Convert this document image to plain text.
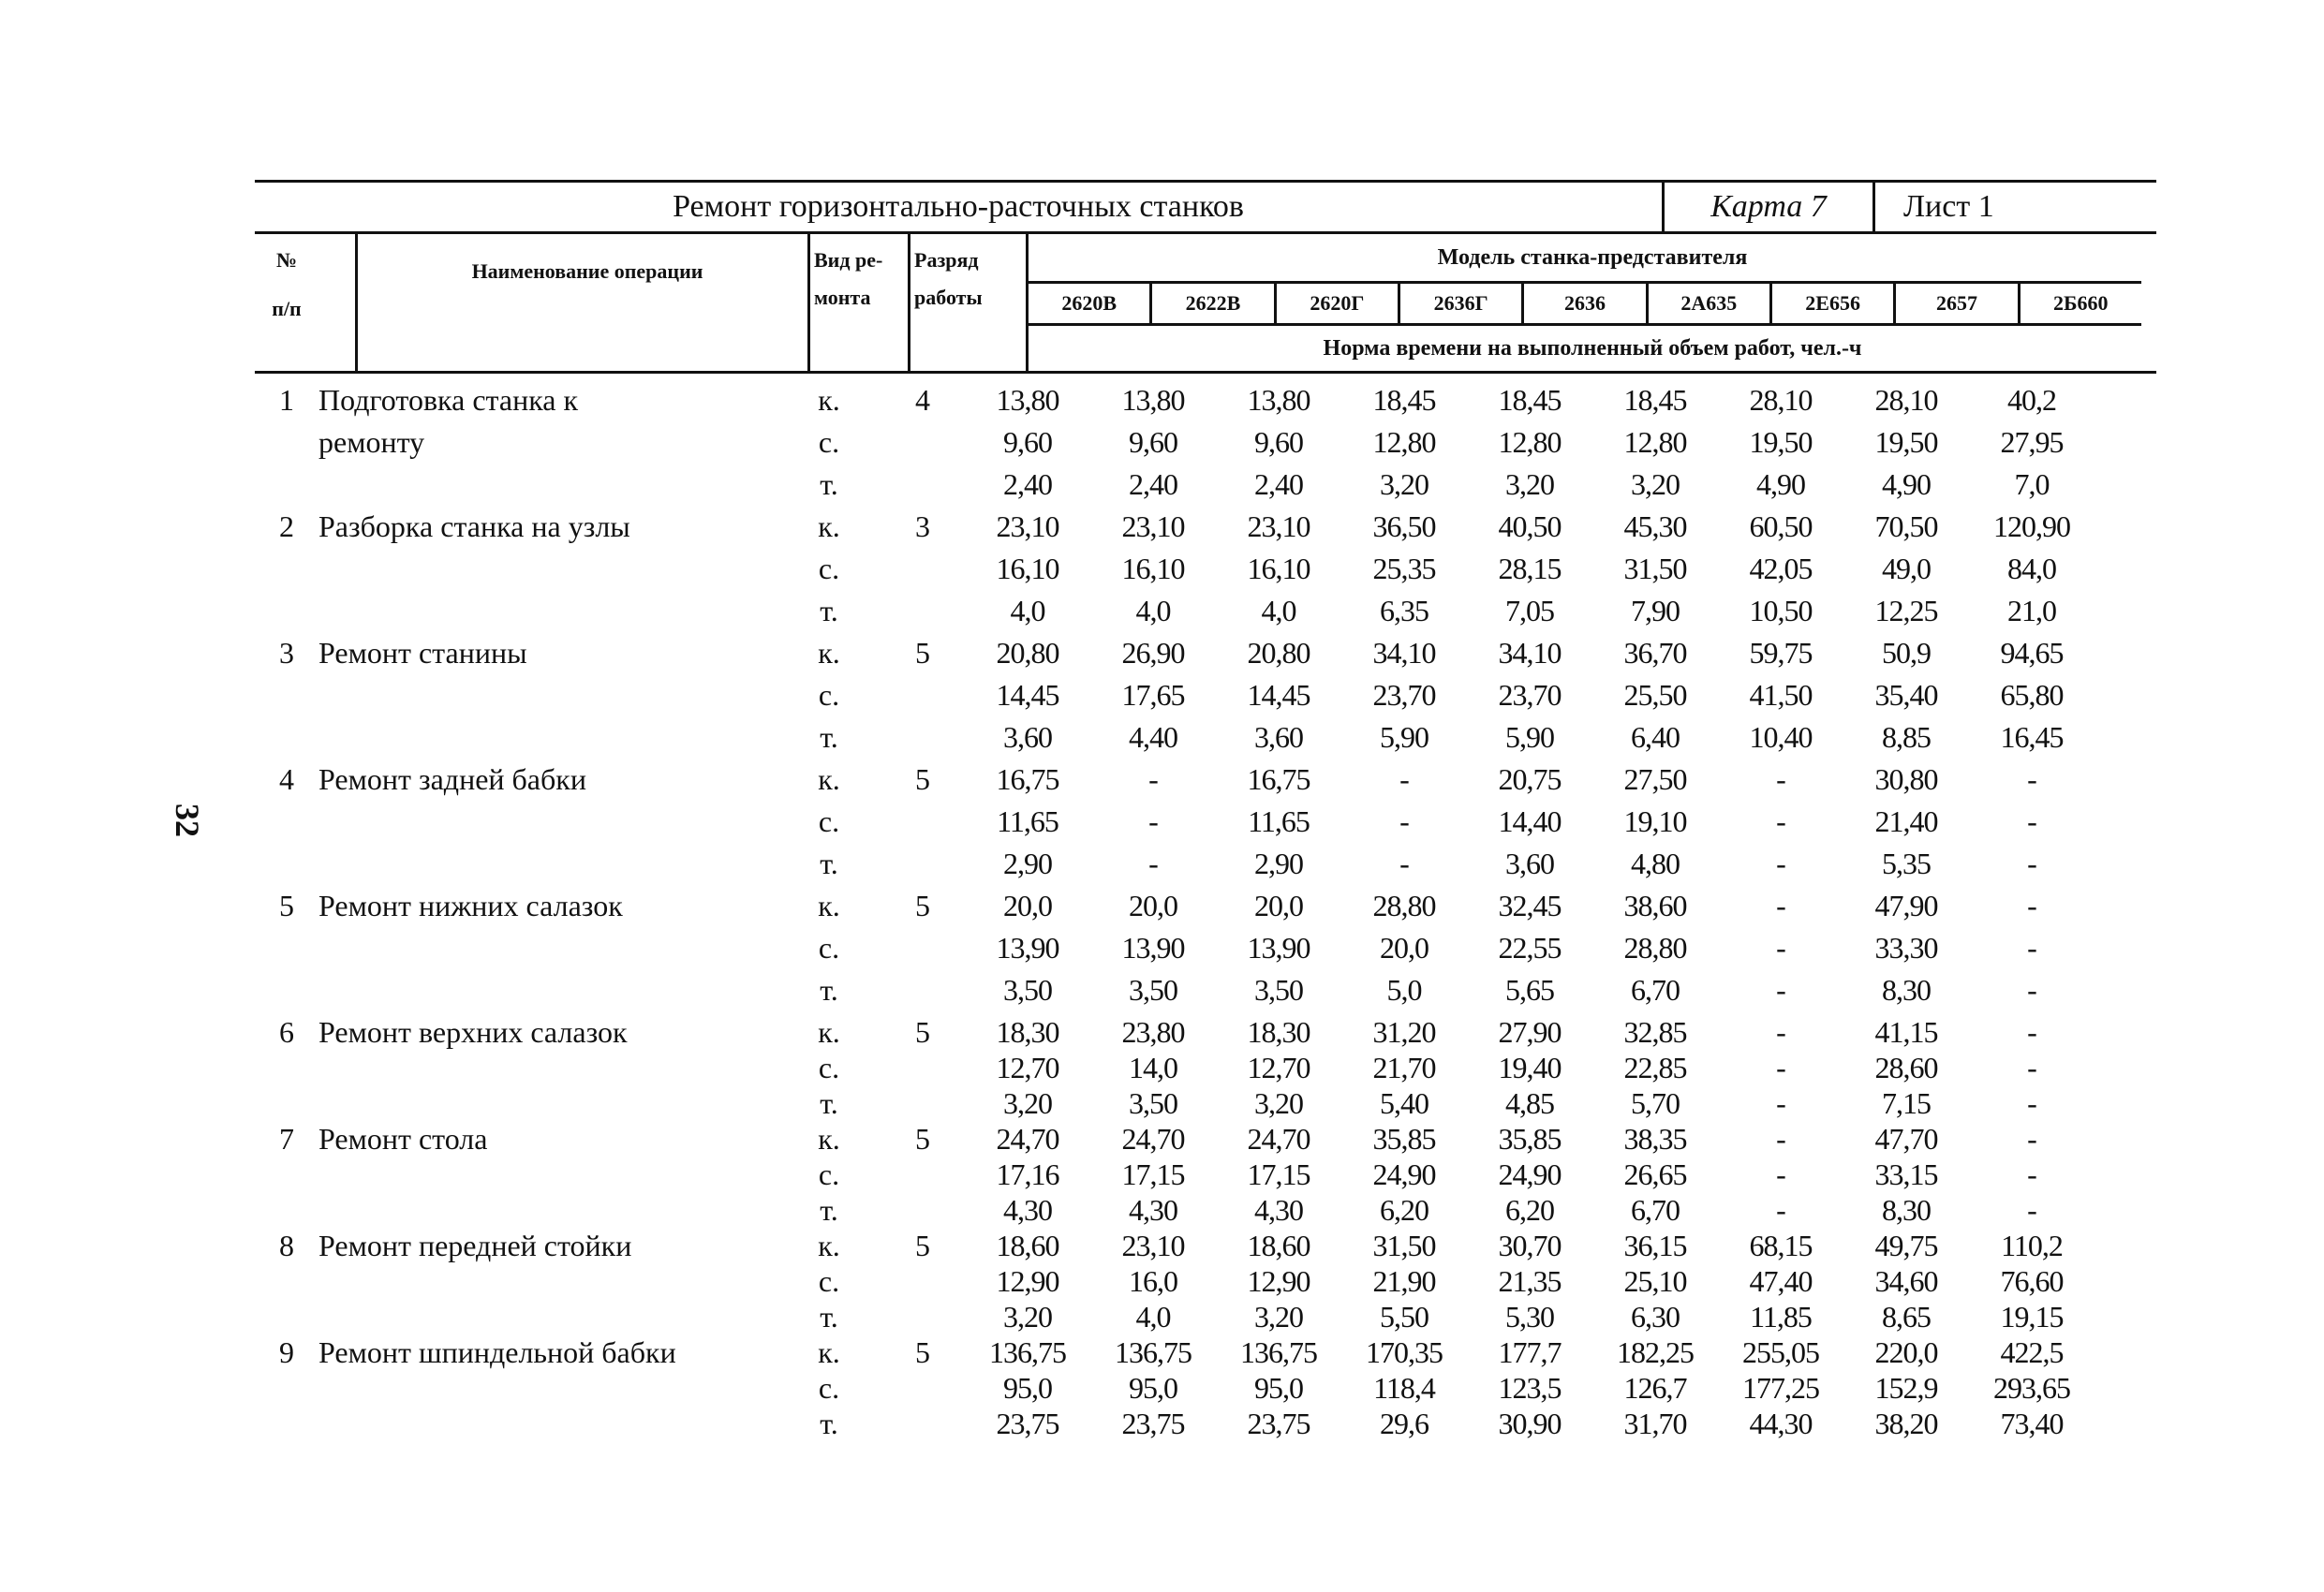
32
Ремонт горизонтально-расточных станков	Карта 7	Лист 1
№
п/п
Наименование операции	Вид ре-
монта
Разряд
работы
Модель станка-представителя
2620В	2622В	2620Г	2636Г	2636	2А635	2Е656	2657	2Б660
Норма времени на выполненный объем работ, чел.-ч
1	Подготовка станка к	к.	4	13,80	13,80	13,80	18,45	18,45	18,45	28,10	28,10	40,2
	ремонту	с.		9,60	9,60	9,60	12,80	12,80	12,80	19,50	19,50	27,95
		т.		2,40	2,40	2,40	3,20	3,20	3,20	4,90	4,90	7,0
2	Разборка станка на узлы	к.	3	23,10	23,10	23,10	36,50	40,50	45,30	60,50	70,50	120,90
		с.		16,10	16,10	16,10	25,35	28,15	31,50	42,05	49,0	84,0
		т.		4,0	4,0	4,0	6,35	7,05	7,90	10,50	12,25	21,0
3	Ремонт станины	к.	5	20,80	26,90	20,80	34,10	34,10	36,70	59,75	50,9	94,65
		с.		14,45	17,65	14,45	23,70	23,70	25,50	41,50	35,40	65,80
		т.		3,60	4,40	3,60	5,90	5,90	6,40	10,40	8,85	16,45
4	Ремонт задней бабки	к.	5	16,75	-	16,75	-	20,75	27,50	-	30,80	-
		с.		11,65	-	11,65	-	14,40	19,10	-	21,40	-
		т.		2,90	-	2,90	-	3,60	4,80	-	5,35	-
5	Ремонт нижних салазок	к.	5	20,0	20,0	20,0	28,80	32,45	38,60	-	47,90	-
		с.		13,90	13,90	13,90	20,0	22,55	28,80	-	33,30	-
		т.		3,50	3,50	3,50	5,0	5,65	6,70	-	8,30	-
6	Ремонт верхних салазок	к.	5	18,30	23,80	18,30	31,20	27,90	32,85	-	41,15	-
		с.		12,70	14,0	12,70	21,70	19,40	22,85	-	28,60	-
		т.		3,20	3,50	3,20	5,40	4,85	5,70	-	7,15	-
7	Ремонт стола	к.	5	24,70	24,70	24,70	35,85	35,85	38,35	-	47,70	-
		с.		17,16	17,15	17,15	24,90	24,90	26,65	-	33,15	-
		т.		4,30	4,30	4,30	6,20	6,20	6,70	-	8,30	-
8	Ремонт передней стойки	к.	5	18,60	23,10	18,60	31,50	30,70	36,15	68,15	49,75	110,2
		с.		12,90	16,0	12,90	21,90	21,35	25,10	47,40	34,60	76,60
		т.		3,20	4,0	3,20	5,50	5,30	6,30	11,85	8,65	19,15
9	Ремонт шпиндельной бабки	к.	5	136,75	136,75	136,75	170,35	177,7	182,25	255,05	220,0	422,5
		с.		95,0	95,0	95,0	118,4	123,5	126,7	177,25	152,9	293,65
		т.		23,75	23,75	23,75	29,6	30,90	31,70	44,30	38,20	73,40
